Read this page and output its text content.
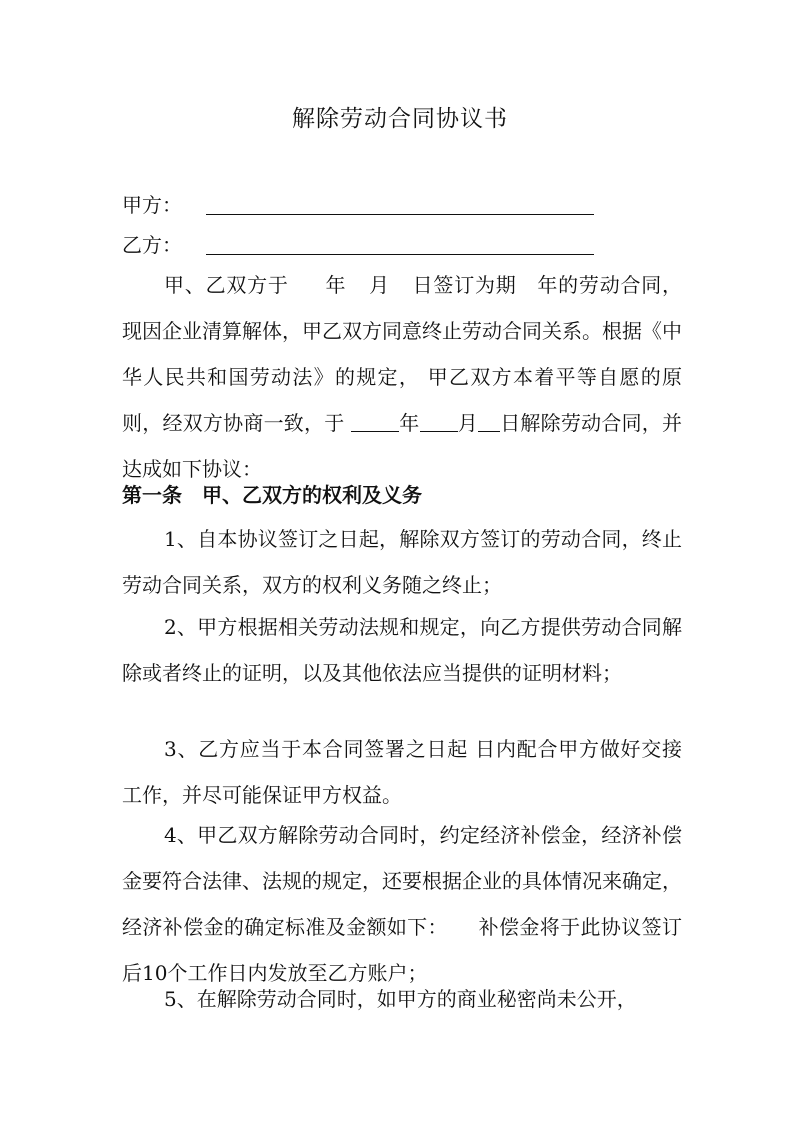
解除劳动合同协议书
甲方：
乙方：

甲、乙双方于 年 月 日签订为期 年的劳动合同，现因企业清算解体，甲乙双方同意终止劳动合同关系。根据《中华人民共和国劳动法》的规定， 甲乙双方本着平等自愿的原则，经双方协商一致，于	年 月 日解除劳动合同，并达成如下协议：

第一条　甲、乙双方的权利及义务

1、自本协议签订之日起，解除双方签订的劳动合同，终止劳动合同关系，双方的权利义务随之终止；

2、甲方根据相关劳动法规和规定，向乙方提供劳动合同解除或者终止的证明，以及其他依法应当提供的证明材料；

3、乙方应当于本合同签署之日起 日内配合甲方做好交接工作，并尽可能保证甲方权益。

4、甲乙双方解除劳动合同时，约定经济补偿金，经济补偿金要符合法律、法规的规定，还要根据企业的具体情况来确定，经济补偿金的确定标准及金额如下：　　补偿金将于此协议签订后10个工作日内发放至乙方账户；

5、在解除劳动合同时，如甲方的商业秘密尚未公开，
